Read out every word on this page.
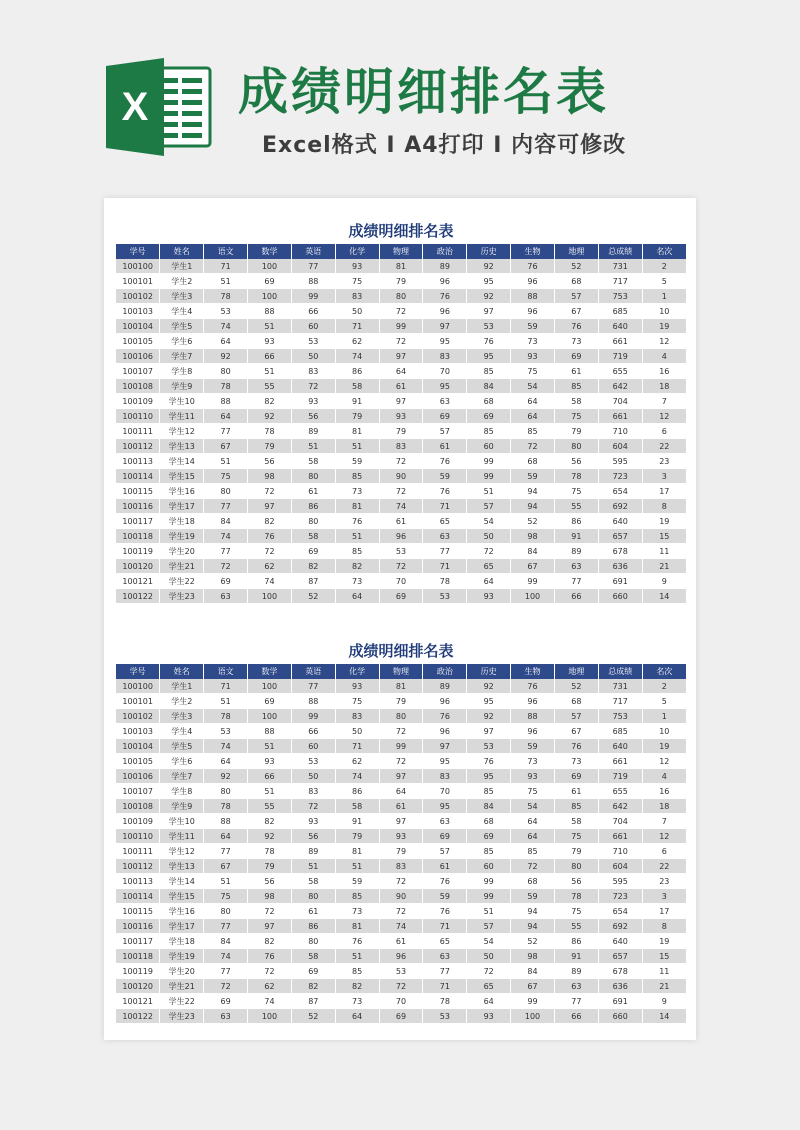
X 成绩明细排名表
Excel格式 I A4打印 I 内容可修改
成绩明细排名表
学号	姓名	语文	数学	英语	化学	物理	政治	历史	生物	地理	总成绩	名次
100100	学生1	71	100	77	93	81	89	92	76	52	731	2
100101	学生2	51	69	88	75	79	96	95	96	68	717	5
100102	学生3	78	100	99	83	80	76	92	88	57	753	1
100103	学生4	53	88	66	50	72	96	97	96	67	685	10
100104	学生5	74	51	60	71	99	97	53	59	76	640	19
100105	学生6	64	93	53	62	72	95	76	73	73	661	12
100106	学生7	92	66	50	74	97	83	95	93	69	719	4
100107	学生8	80	51	83	86	64	70	85	75	61	655	16
100108	学生9	78	55	72	58	61	95	84	54	85	642	18
100109	学生10	88	82	93	91	97	63	68	64	58	704	7
100110	学生11	64	92	56	79	93	69	69	64	75	661	12
100111	学生12	77	78	89	81	79	57	85	85	79	710	6
100112	学生13	67	79	51	51	83	61	60	72	80	604	22
100113	学生14	51	56	58	59	72	76	99	68	56	595	23
100114	学生15	75	98	80	85	90	59	99	59	78	723	3
100115	学生16	80	72	61	73	72	76	51	94	75	654	17
100116	学生17	77	97	86	81	74	71	57	94	55	692	8
100117	学生18	84	82	80	76	61	65	54	52	86	640	19
100118	学生19	74	76	58	51	96	63	50	98	91	657	15
100119	学生20	77	72	69	85	53	77	72	84	89	678	11
100120	学生21	72	62	82	82	72	71	65	67	63	636	21
100121	学生22	69	74	87	73	70	78	64	99	77	691	9
100122	学生23	63	100	52	64	69	53	93	100	66	660	14
成绩明细排名表
学号	姓名	语文	数学	英语	化学	物理	政治	历史	生物	地理	总成绩	名次
100100	学生1	71	100	77	93	81	89	92	76	52	731	2
100101	学生2	51	69	88	75	79	96	95	96	68	717	5
100102	学生3	78	100	99	83	80	76	92	88	57	753	1
100103	学生4	53	88	66	50	72	96	97	96	67	685	10
100104	学生5	74	51	60	71	99	97	53	59	76	640	19
100105	学生6	64	93	53	62	72	95	76	73	73	661	12
100106	学生7	92	66	50	74	97	83	95	93	69	719	4
100107	学生8	80	51	83	86	64	70	85	75	61	655	16
100108	学生9	78	55	72	58	61	95	84	54	85	642	18
100109	学生10	88	82	93	91	97	63	68	64	58	704	7
100110	学生11	64	92	56	79	93	69	69	64	75	661	12
100111	学生12	77	78	89	81	79	57	85	85	79	710	6
100112	学生13	67	79	51	51	83	61	60	72	80	604	22
100113	学生14	51	56	58	59	72	76	99	68	56	595	23
100114	学生15	75	98	80	85	90	59	99	59	78	723	3
100115	学生16	80	72	61	73	72	76	51	94	75	654	17
100116	学生17	77	97	86	81	74	71	57	94	55	692	8
100117	学生18	84	82	80	76	61	65	54	52	86	640	19
100118	学生19	74	76	58	51	96	63	50	98	91	657	15
100119	学生20	77	72	69	85	53	77	72	84	89	678	11
100120	学生21	72	62	82	82	72	71	65	67	63	636	21
100121	学生22	69	74	87	73	70	78	64	99	77	691	9
100122	学生23	63	100	52	64	69	53	93	100	66	660	14
